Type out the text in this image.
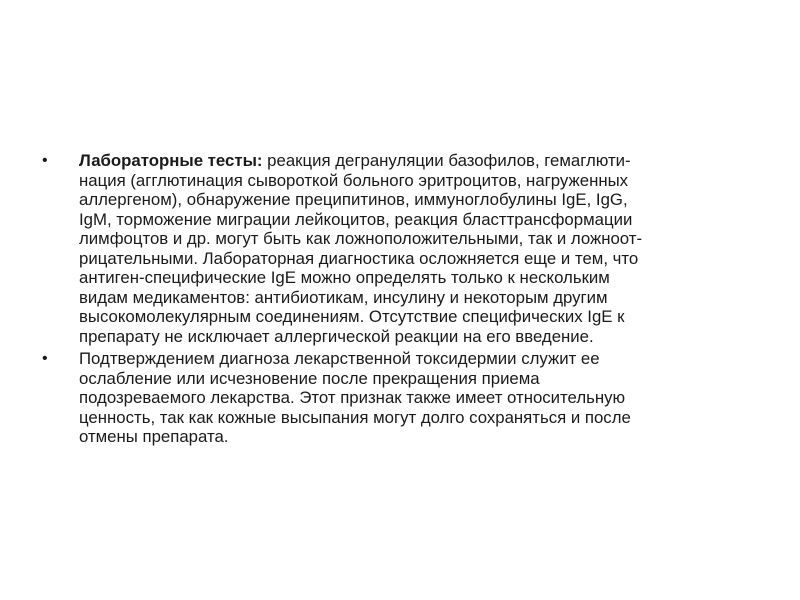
•	Лабораторные тесты: реакция дегрануляции базофилов, гемаглюти-
нация (агглютинация сывороткой больного эритроцитов, нагруженных
аллергеном), обнаружение преципитинов, иммуноглобулины IgE, IgG,
IgM, торможение миграции лейкоцитов, реакция бласттрансформации
лимфоцтов и др. могут быть как ложноположительными, так и ложноот-
рицательными. Лабораторная диагностика осложняется еще и тем, что
антиген-специфические IgE можно определять только к нескольким
видам медикаментов: антибиотикам, инсулину и некоторым другим
высокомолекулярным соединениям. Отсутствие специфических IgE к
препарату не исключает аллергической реакции на его введение.
•	Подтверждением диагноза лекарственной токсидермии служит ее
ослабление или исчезновение после прекращения приема
подозреваемого лекарства. Этот признак также имеет относительную
ценность, так как кожные высыпания могут долго сохраняться и после
отмены препарата.
